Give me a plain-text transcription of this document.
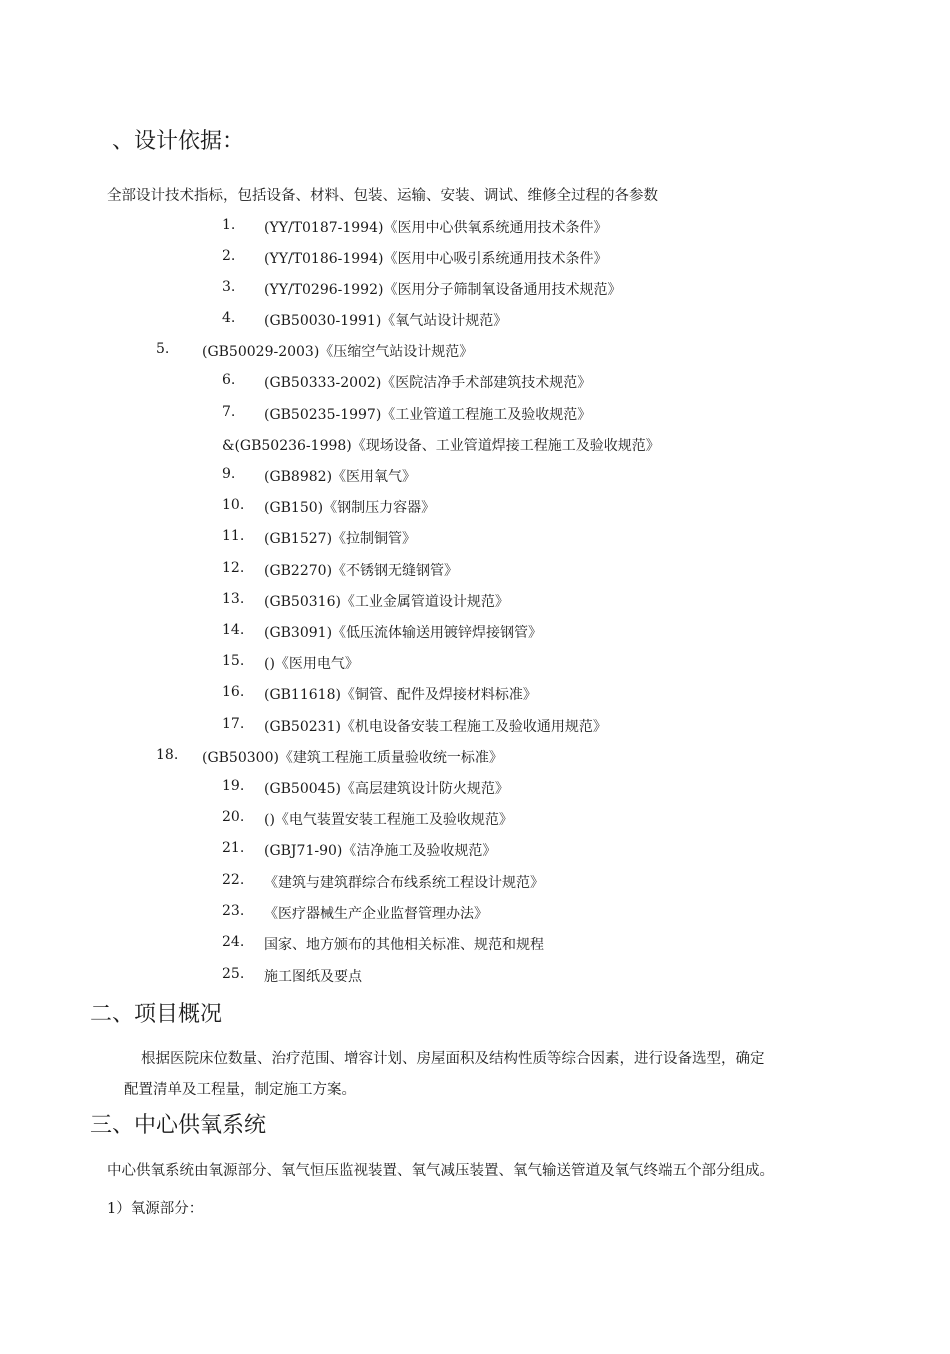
、设计依据：
全部设计技术指标，包括设备、材料、包装、运输、安装、调试、维修全过程的各参数
1. (YY/T0187-1994)《医用中心供氧系统通用技术条件》
2. (YY/T0186-1994)《医用中心吸引系统通用技术条件》
3. (YY/T0296-1992)《医用分子筛制氧设备通用技术规范》
4. (GB50030-1991)《氧气站设计规范》
5. (GB50029-2003)《压缩空气站设计规范》
6. (GB50333-2002)《医院洁净手术部建筑技术规范》
7. (GB50235-1997)《工业管道工程施工及验收规范》
&(GB50236-1998)《现场设备、工业管道焊接工程施工及验收规范》
9. (GB8982)《医用氧气》
10. (GB150)《钢制压力容器》
11. (GB1527)《拉制铜管》
12. (GB2270)《不锈钢无缝钢管》
13. (GB50316)《工业金属管道设计规范》
14. (GB3091)《低压流体输送用镀锌焊接钢管》
15. ()《医用电气》
16. (GB11618)《铜管、配件及焊接材料标准》
17. (GB50231)《机电设备安装工程施工及验收通用规范》
18. (GB50300)《建筑工程施工质量验收统一标准》
19. (GB50045)《高层建筑设计防火规范》
20. ()《电气装置安装工程施工及验收规范》
21. (GBJ71-90)《洁净施工及验收规范》
22. 《建筑与建筑群综合布线系统工程设计规范》
23. 《医疗器械生产企业监督管理办法》
24. 国家、地方颁布的其他相关标准、规范和规程
25. 施工图纸及要点
二、项目概况
根据医院床位数量、治疗范围、增容计划、房屋面积及结构性质等综合因素，进行设备选型，确定
配置清单及工程量，制定施工方案。
三、中心供氧系统
中心供氧系统由氧源部分、氧气恒压监视装置、氧气减压装置、氧气输送管道及氧气终端五个部分组成。
1）氧源部分：
